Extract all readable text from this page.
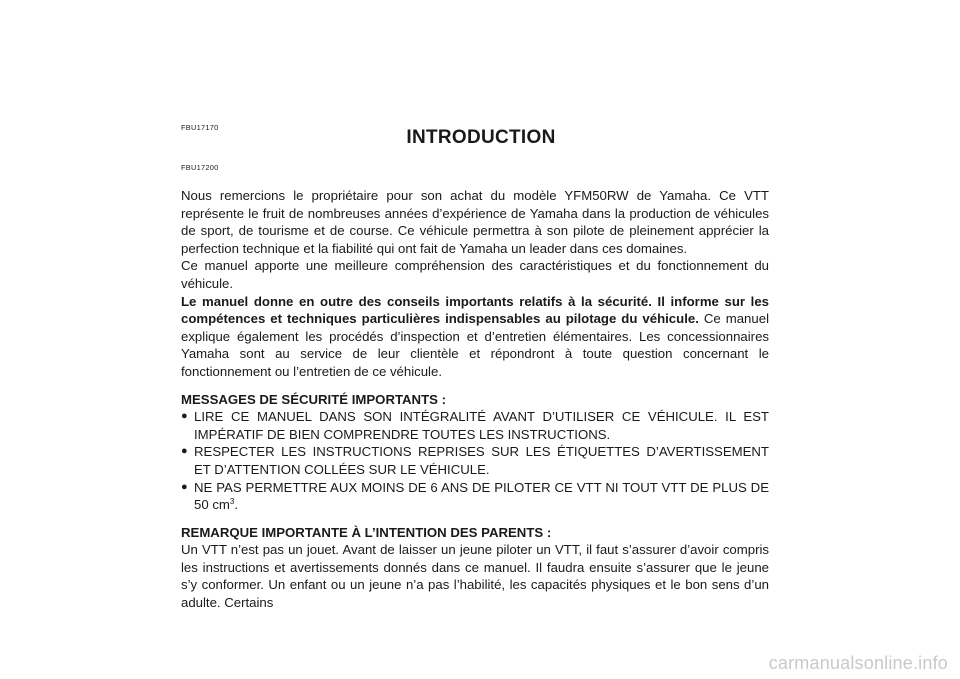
FBU17170	INTRODUCTION
FBU17200

Nous remercions le propriétaire pour son achat du modèle YFM50RW de Yamaha. Ce VTT représente le fruit de nombreuses années d’expérience de Yamaha dans la production de véhicules de sport, de tourisme et de course. Ce véhicule permettra à son pilote de pleinement apprécier la perfection technique et la fiabilité qui ont fait de Yamaha un leader dans ces domaines.

Ce manuel apporte une meilleure compréhension des caractéristiques et du fonctionnement du véhicule.

Le manuel donne en outre des conseils importants relatifs à la sécurité. Il informe sur les compétences et techniques particulières indispensables au pilotage du véhicule. Ce manuel explique également les procédés d’inspection et d’entretien élémentaires. Les concessionnaires Yamaha sont au service de leur clientèle et répondront à toute question concernant le fonctionnement ou l’entretien de ce véhicule.

MESSAGES DE SÉCURITÉ IMPORTANTS :

● LIRE CE MANUEL DANS SON INTÉGRALITÉ AVANT D’UTILISER CE VÉHICULE. IL EST IMPÉRATIF DE BIEN COMPRENDRE TOUTES LES INSTRUCTIONS.
● RESPECTER LES INSTRUCTIONS REPRISES SUR LES ÉTIQUETTES D’AVERTISSEMENT ET D’ATTENTION COLLÉES SUR LE VÉHICULE.
● NE PAS PERMETTRE AUX MOINS DE 6 ANS DE PILOTER CE VTT NI TOUT VTT DE PLUS DE 50 $cm^3$.

REMARQUE IMPORTANTE À L’INTENTION DES PARENTS :

Un VTT n’est pas un jouet. Avant de laisser un jeune piloter un VTT, il faut s’assurer d’avoir compris les instructions et avertissements donnés dans ce manuel. Il faudra ensuite s’assurer que le jeune s’y conformer. Un enfant ou un jeune n’a pas l’habilité, les capacités physiques et le bon sens d’un adulte. Certains

carmanualsonline.info
